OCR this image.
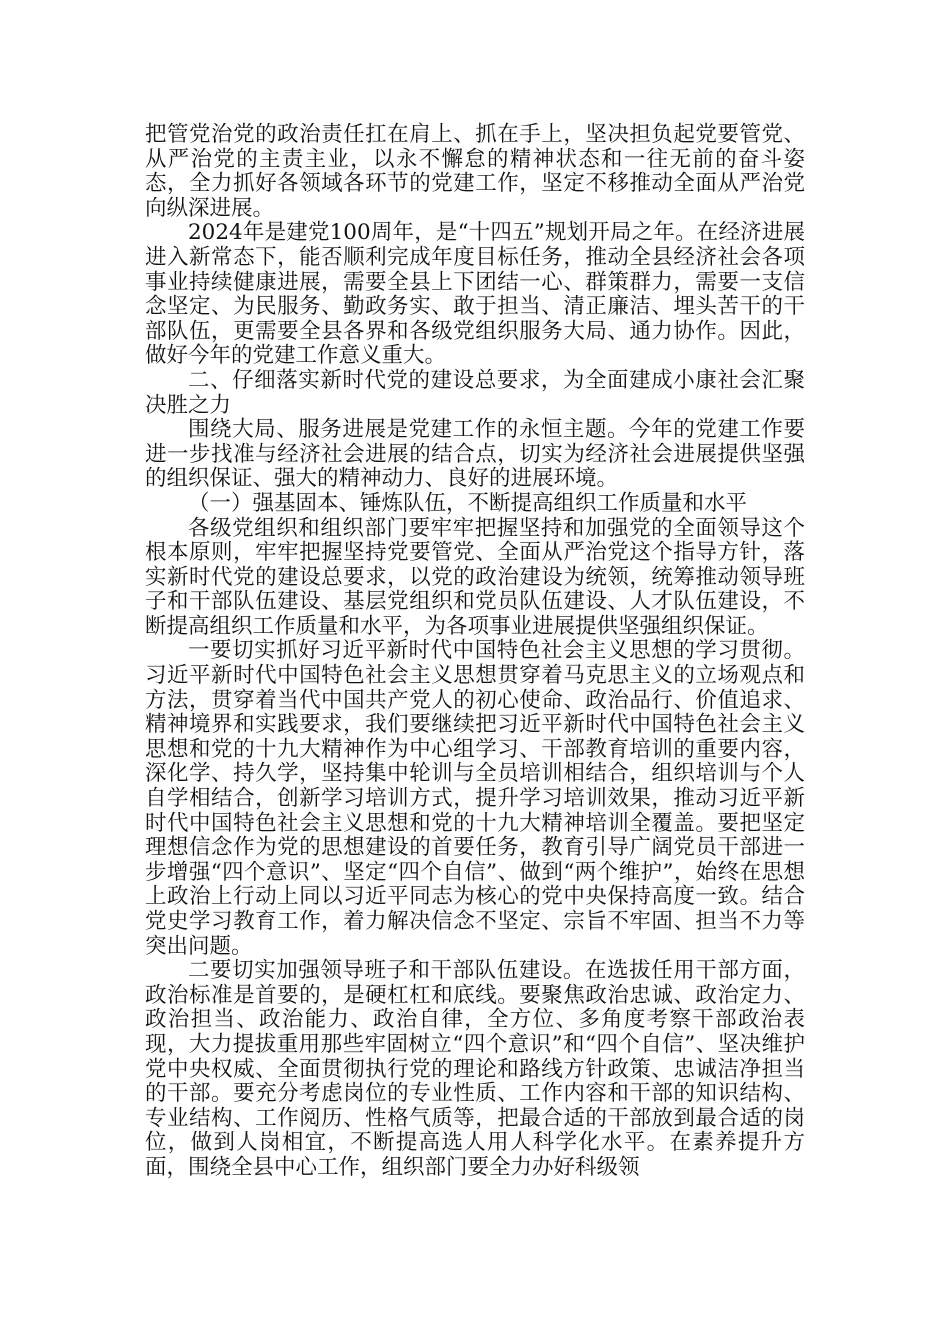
把管党治党的政治责任扛在肩上、抓在手上，坚决担负起党要管党、从严治党的主责主业，以永不懈怠的精神状态和一往无前的奋斗姿态，全力抓好各领域各环节的党建工作，坚定不移推动全面从严治党向纵深进展。

2024年是建党100周年，是“十四五”规划开局之年。在经济进展进入新常态下，能否顺利完成年度目标任务，推动全县经济社会各项事业持续健康进展，需要全县上下团结一心、群策群力，需要一支信念坚定、为民服务、勤政务实、敢于担当、清正廉洁、埋头苦干的干部队伍，更需要全县各界和各级党组织服务大局、通力协作。因此，做好今年的党建工作意义重大。

二、仔细落实新时代党的建设总要求，为全面建成小康社会汇聚决胜之力

围绕大局、服务进展是党建工作的永恒主题。今年的党建工作要进一步找准与经济社会进展的结合点，切实为经济社会进展提供坚强的组织保证、强大的精神动力、良好的进展环境。

（一）强基固本、锤炼队伍，不断提高组织工作质量和水平

各级党组织和组织部门要牢牢把握坚持和加强党的全面领导这个根本原则，牢牢把握坚持党要管党、全面从严治党这个指导方针，落实新时代党的建设总要求，以党的政治建设为统领，统筹推动领导班子和干部队伍建设、基层党组织和党员队伍建设、人才队伍建设，不断提高组织工作质量和水平，为各项事业进展提供坚强组织保证。

一要切实抓好习近平新时代中国特色社会主义思想的学习贯彻。习近平新时代中国特色社会主义思想贯穿着马克思主义的立场观点和方法，贯穿着当代中国共产党人的初心使命、政治品行、价值追求、精神境界和实践要求，我们要继续把习近平新时代中国特色社会主义思想和党的十九大精神作为中心组学习、干部教育培训的重要内容，深化学、持久学，坚持集中轮训与全员培训相结合，组织培训与个人自学相结合，创新学习培训方式，提升学习培训效果，推动习近平新时代中国特色社会主义思想和党的十九大精神培训全覆盖。要把坚定理想信念作为党的思想建设的首要任务，教育引导广阔党员干部进一步增强“四个意识”、坚定“四个自信”、做到“两个维护”，始终在思想上政治上行动上同以习近平同志为核心的党中央保持高度一致。结合党史学习教育工作，着力解决信念不坚定、宗旨不牢固、担当不力等突出问题。

二要切实加强领导班子和干部队伍建设。在选拔任用干部方面，政治标准是首要的，是硬杠杠和底线。要聚焦政治忠诚、政治定力、政治担当、政治能力、政治自律，全方位、多角度考察干部政治表现，大力提拔重用那些牢固树立“四个意识”和“四个自信”、坚决维护党中央权威、全面贯彻执行党的理论和路线方针政策、忠诚洁净担当的干部。要充分考虑岗位的专业性质、工作内容和干部的知识结构、专业结构、工作阅历、性格气质等，把最合适的干部放到最合适的岗位，做到人岗相宜，不断提高选人用人科学化水平。在素养提升方面，围绕全县中心工作，组织部门要全力办好科级领
